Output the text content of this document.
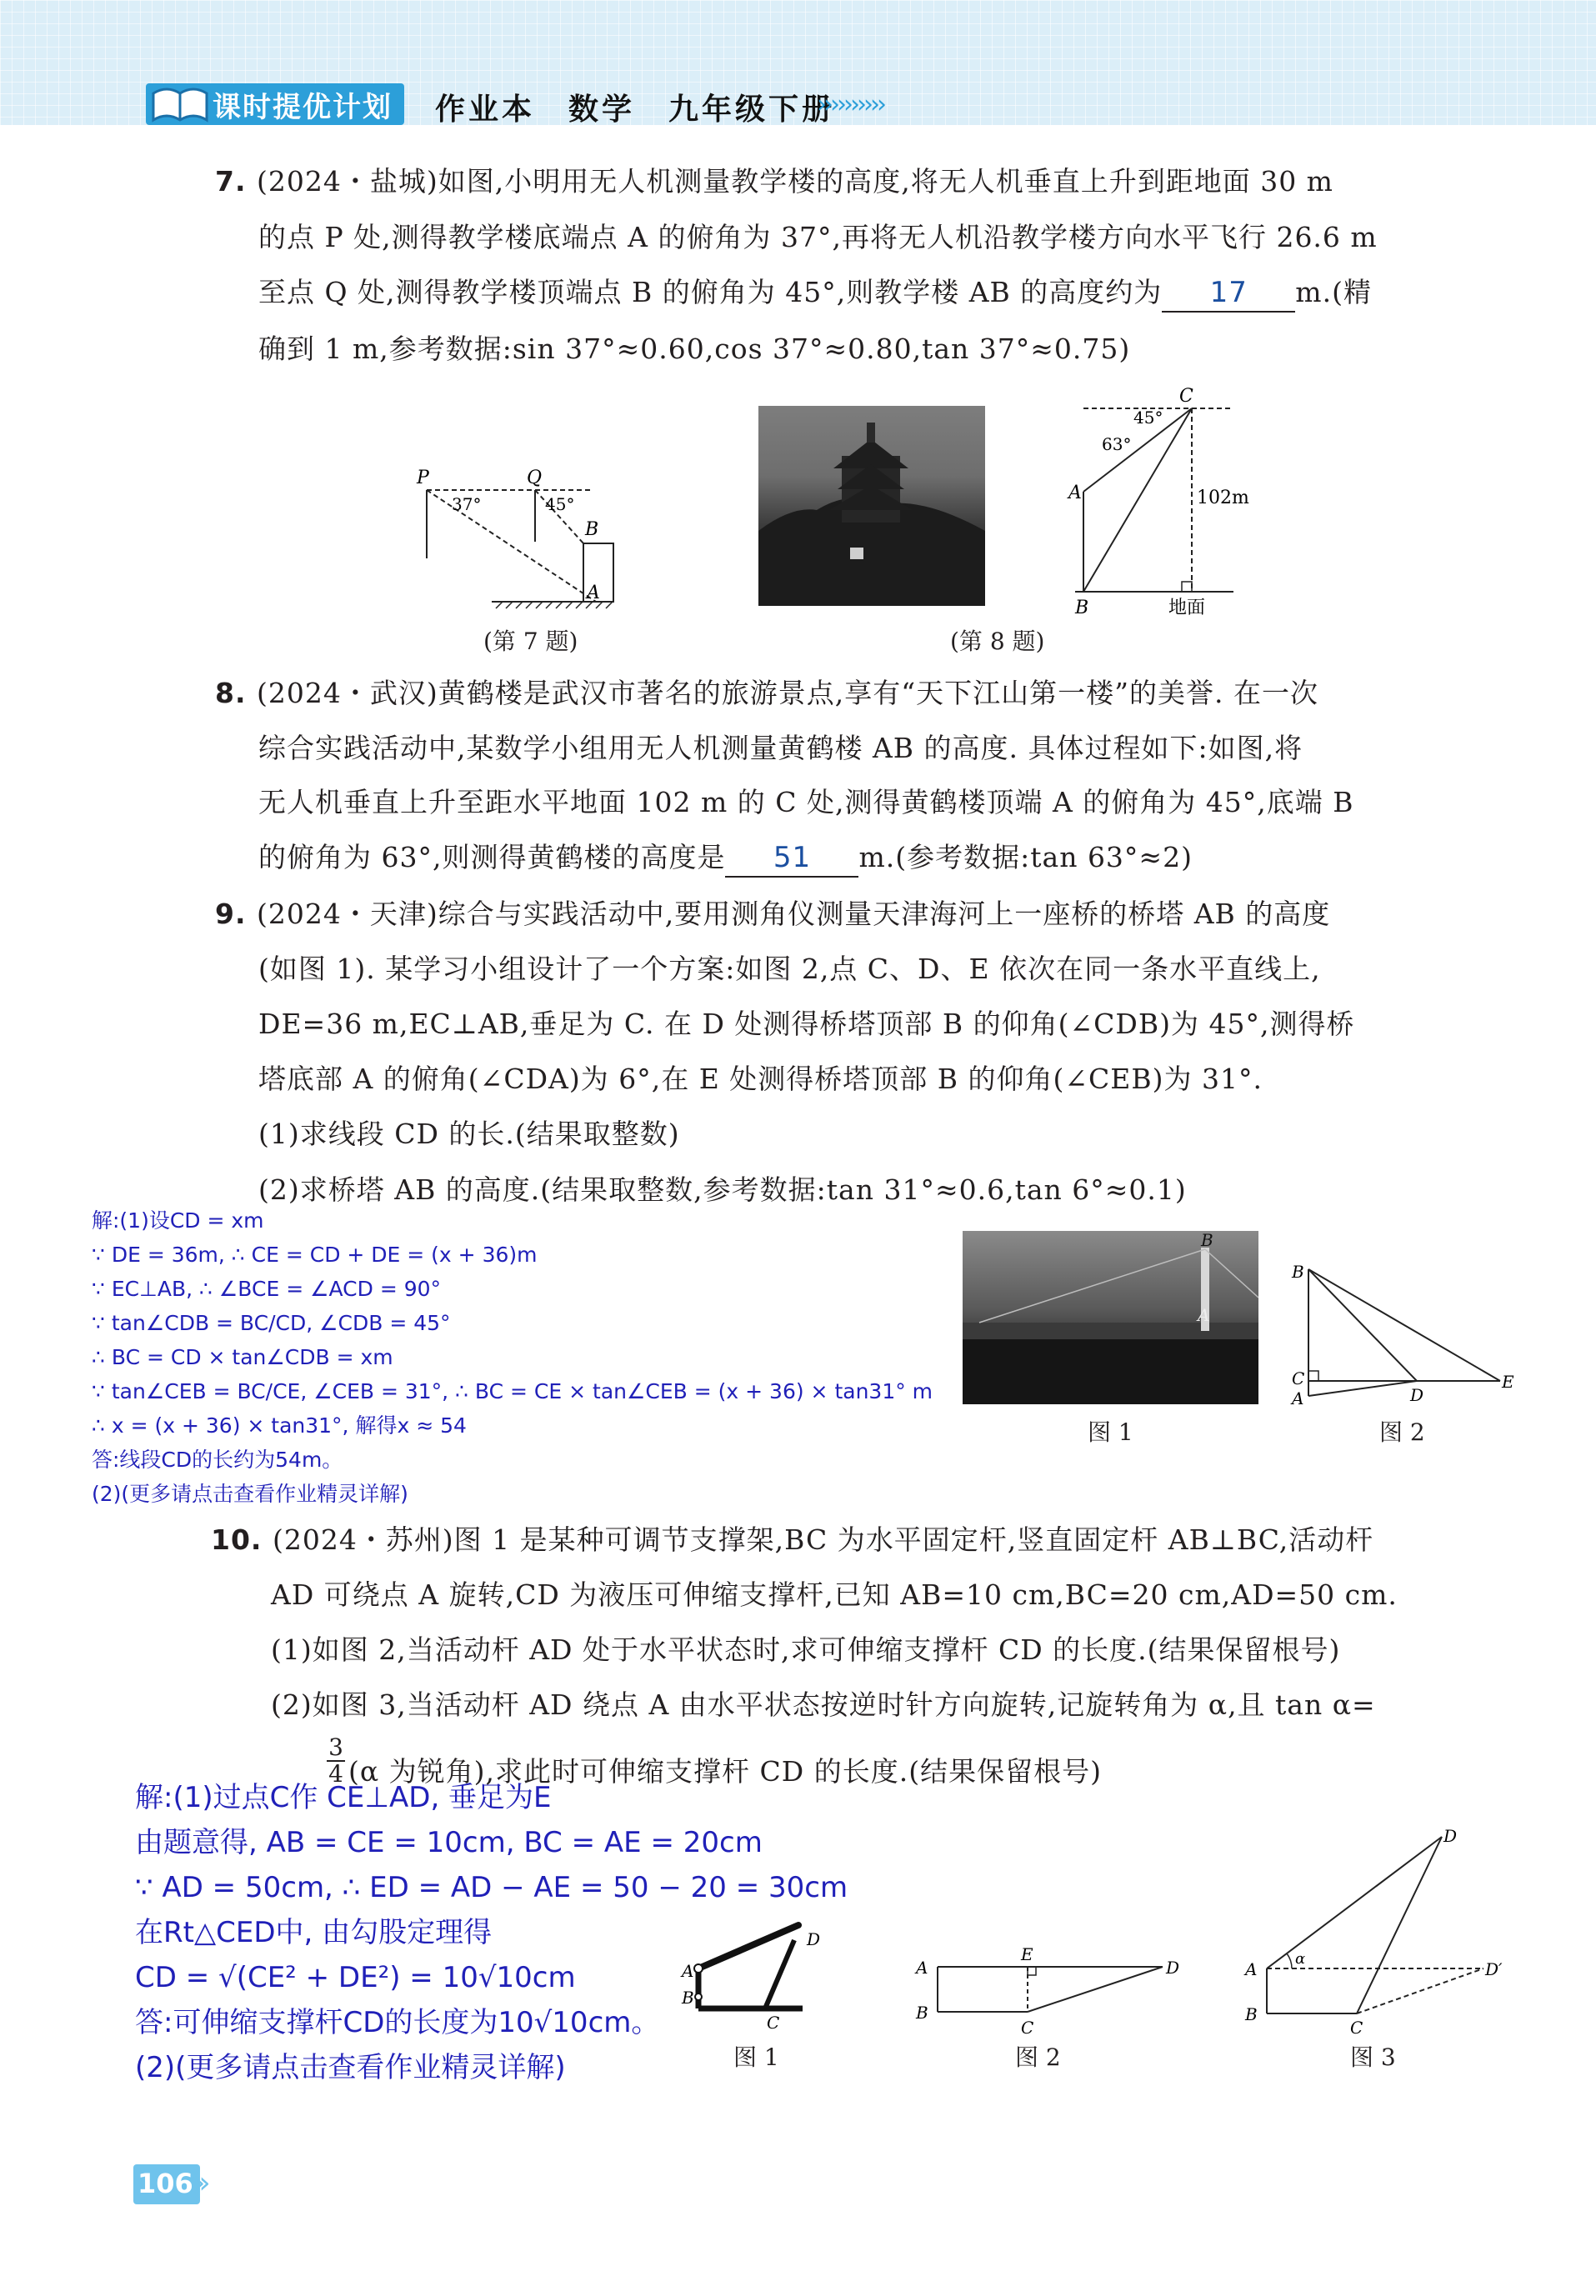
课时提优计划 作业本　数学　九年级下册
››››››››››
7. (2024・盐城)如图,小明用无人机测量教学楼的高度,将无人机垂直上升到距地面 30 m
的点 P 处,测得教学楼底端点 A 的俯角为 37°,再将无人机沿教学楼方向水平飞行 26.6 m
至点 Q 处,测得教学楼顶端点 B 的俯角为 45°,则教学楼 AB 的高度约为 17 m.(精
确到 1 m,参考数据:sin 37°≈0.60,cos 37°≈0.80,tan 37°≈0.75)
P	Q
B
A
37°	45°
(第 7 题)
C
A
B
45°
63°
102m
地面
(第 8 题)
8. (2024・武汉)黄鹤楼是武汉市著名的旅游景点,享有“天下江山第一楼”的美誉. 在一次
综合实践活动中,某数学小组用无人机测量黄鹤楼 AB 的高度. 具体过程如下:如图,将
无人机垂直上升至距水平地面 102 m 的 C 处,测得黄鹤楼顶端 A 的俯角为 45°,底端 B
的俯角为 63°,则测得黄鹤楼的高度是 51 m.(参考数据:tan 63°≈2)
9. (2024・天津)综合与实践活动中,要用测角仪测量天津海河上一座桥的桥塔 AB 的高度
(如图 1). 某学习小组设计了一个方案:如图 2,点 C、D、E 依次在同一条水平直线上,
DE=36 m,EC⊥AB,垂足为 C. 在 D 处测得桥塔顶部 B 的仰角(∠CDB)为 45°,测得桥
塔底部 A 的俯角(∠CDA)为 6°,在 E 处测得桥塔顶部 B 的仰角(∠CEB)为 31°.
(1)求线段 CD 的长.(结果取整数)
(2)求桥塔 AB 的高度.(结果取整数,参考数据:tan 31°≈0.6,tan 6°≈0.1)
解:(1)设CD = xm
∵ DE = 36m, ∴ CE = CD + DE = (x + 36)m
∵ EC⊥AB, ∴ ∠BCE = ∠ACD = 90°
∵ tan∠CDB = BC/CD, ∠CDB = 45°
∴ BC = CD × tan∠CDB = xm
∵ tan∠CEB = BC/CE, ∠CEB = 31°, ∴ BC = CE × tan∠CEB = (x + 36) × tan31° m
∴ x = (x + 36) × tan31°, 解得x ≈ 54
答:线段CD的长约为54m。
(2)(更多请点击查看作业精灵详解)
B
A
图 1
B
C
A	D
E
图 2
10. (2024・苏州)图 1 是某种可调节支撑架,BC 为水平固定杆,竖直固定杆 AB⊥BC,活动杆
AD 可绕点 A 旋转,CD 为液压可伸缩支撑杆,已知 AB=10 cm,BC=20 cm,AD=50 cm.
(1)如图 2,当活动杆 AD 处于水平状态时,求可伸缩支撑杆 CD 的长度.(结果保留根号)
(2)如图 3,当活动杆 AD 绕点 A 由水平状态按逆时针方向旋转,记旋转角为 α,且 tan α=
3
4 (α 为锐角),求此时可伸缩支撑杆 CD 的长度.(结果保留根号)
解:(1)过点C作 CE⊥AD, 垂足为E
由题意得, AB = CE = 10cm, BC = AE = 20cm
∵ AD = 50cm, ∴ ED = AD − AE = 50 − 20 = 30cm
在Rt△CED中, 由勾股定理得
CD = √(CE² + DE²) = 10√10cm
答:可伸缩支撑杆CD的长度为10√10cm。
(2)(更多请点击查看作业精灵详解)
A
B
C
D
图 1
A
B
C
E
D
图 2
A
B
C
D
D′
α
图 3
106 ››
